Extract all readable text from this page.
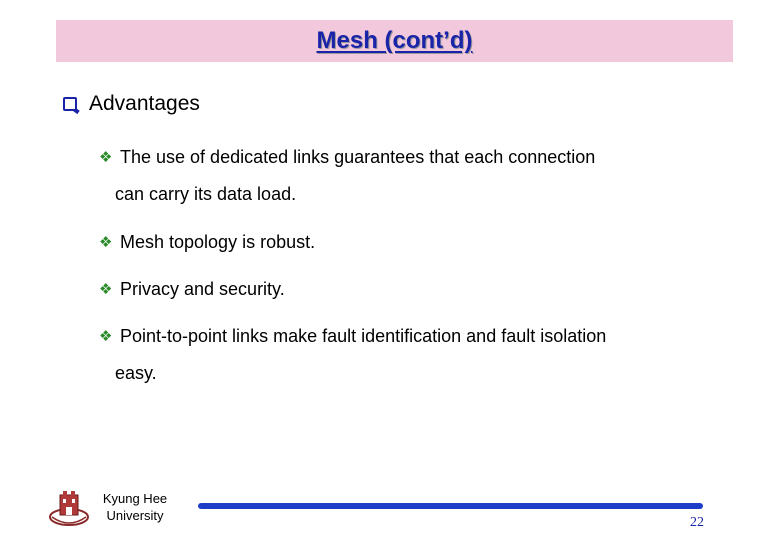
Mesh (cont’d)
Advantages
❖ The use of dedicated links guarantees that each connection
can carry its data load.
❖ Mesh topology is robust.
❖ Privacy and security.
❖ Point-to-point links make fault identification and fault isolation
easy.
Kyung Hee
University	22
